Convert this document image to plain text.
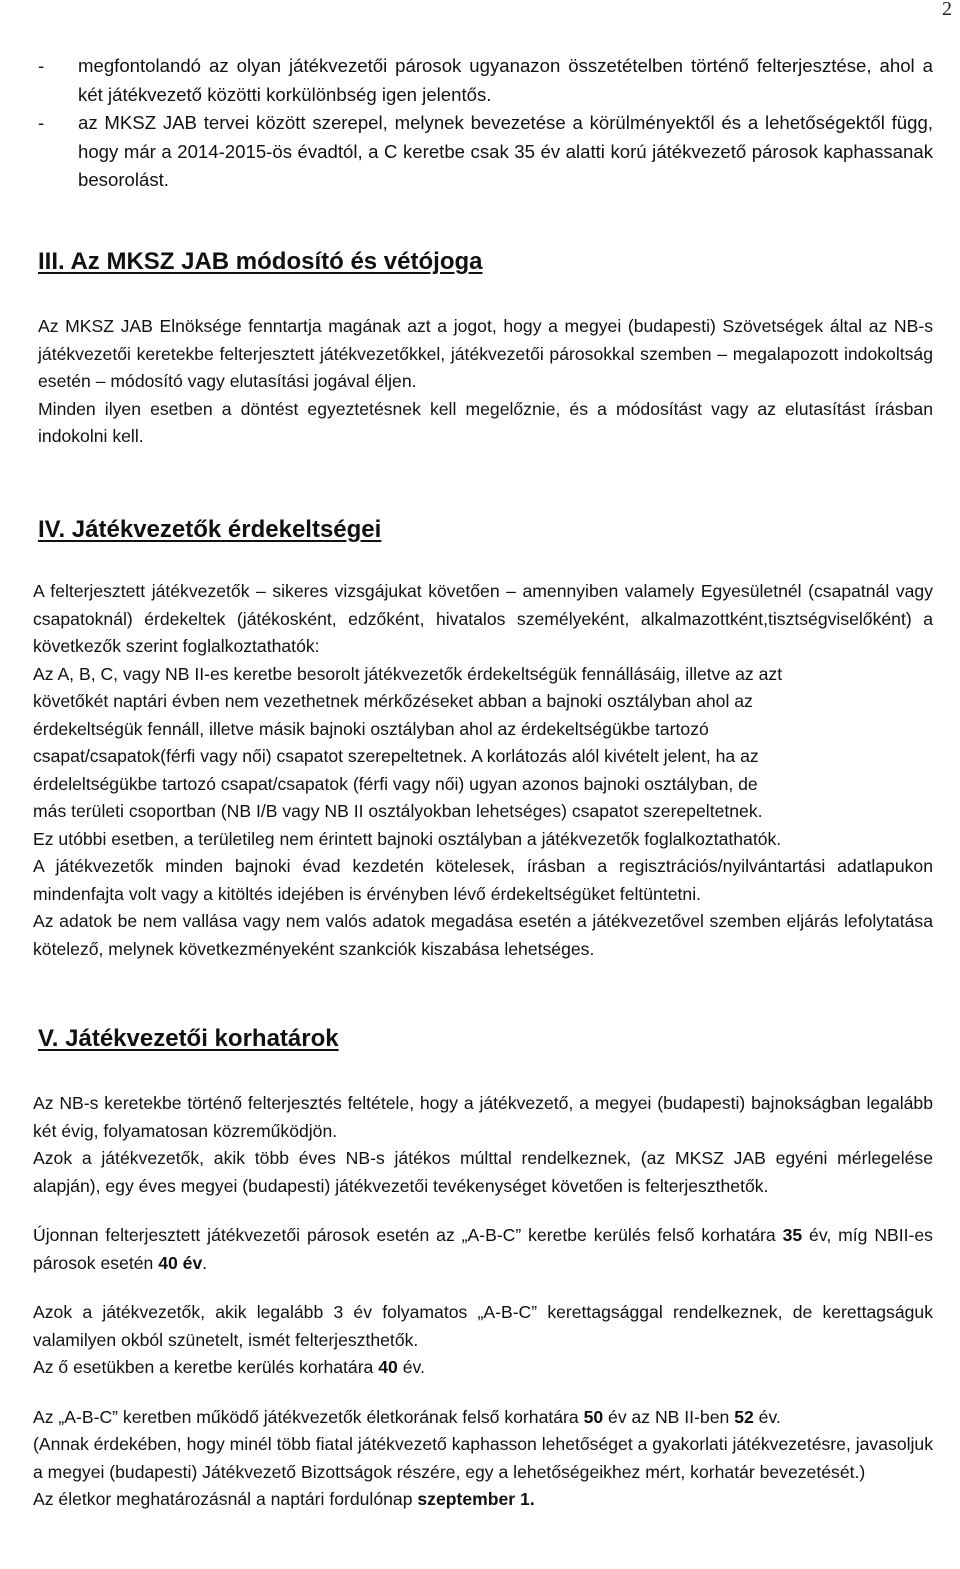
2
-	megfontolandó az olyan játékvezetői párosok ugyanazon összetételben történő felterjesztése, ahol a két játékvezető közötti korkülönbség igen jelentős.
-	az MKSZ JAB tervei között szerepel, melynek bevezetése a körülményektől és a lehetőségektől függ, hogy már a 2014-2015-ös évadtól, a C keretbe csak 35 év alatti korú játékvezető párosok kaphassanak besorolást.
III. Az MKSZ JAB módosító és vétójoga

Az MKSZ JAB Elnöksége fenntartja magának azt a jogot, hogy a megyei (budapesti) Szövetségek által az NB-s játékvezetői keretekbe felterjesztett játékvezetőkkel, játékvezetői párosokkal szemben – megalapozott indokoltság esetén – módosító vagy elutasítási jogával éljen.

Minden ilyen esetben a döntést egyeztetésnek kell megelőznie, és a módosítást vagy az elutasítást írásban indokolni kell.

IV. Játékvezetők érdekeltségei

A felterjesztett játékvezetők – sikeres vizsgájukat követően – amennyiben valamely Egyesületnél (csapatnál vagy csapatoknál) érdekeltek (játékosként, edzőként, hivatalos személyeként, alkalmazottként,tisztségviselőként) a következők szerint foglalkoztathatók:

Az A, B, C, vagy NB II-es keretbe besorolt játékvezetők érdekeltségük fennállásáig, illetve az azt

követőkét naptári évben nem vezethetnek mérkőzéseket abban a bajnoki osztályban ahol az

érdekeltségük fennáll, illetve másik bajnoki osztályban ahol az érdekeltségükbe tartozó

csapat/csapatok(férfi vagy női) csapatot szerepeltetnek. A korlátozás alól kivételt jelent, ha az

érdeleltségükbe tartozó csapat/csapatok (férfi vagy női) ugyan azonos bajnoki osztályban, de

más területi csoportban (NB I/B vagy NB II osztályokban lehetséges) csapatot szerepeltetnek.

Ez utóbbi esetben, a területileg nem érintett bajnoki osztályban a játékvezetők foglalkoztathatók.

A játékvezetők minden bajnoki évad kezdetén kötelesek, írásban a regisztrációs/nyilvántartási adatlapukon mindenfajta volt vagy a kitöltés idejében is érvényben lévő érdekeltségüket feltüntetni.

Az adatok be nem vallása vagy nem valós adatok megadása esetén a játékvezetővel szemben eljárás lefolytatása kötelező, melynek következményeként szankciók kiszabása lehetséges.

V. Játékvezetői korhatárok

Az NB-s keretekbe történő felterjesztés feltétele, hogy a játékvezető, a megyei (budapesti) bajnokságban legalább két évig, folyamatosan közreműködjön.

Azok a játékvezetők, akik több éves NB-s játékos múlttal rendelkeznek, (az MKSZ JAB egyéni mérlegelése alapján), egy éves megyei (budapesti) játékvezetői tevékenységet követően is felterjeszthetők.

Újonnan felterjesztett játékvezetői párosok esetén az „A-B-C” keretbe kerülés felső korhatára 35 év, míg NBII-es párosok esetén 40 év.

Azok a játékvezetők, akik legalább 3 év folyamatos „A-B-C” kerettagsággal rendelkeznek, de kerettagságuk valamilyen okból szünetelt, ismét felterjeszthetők.

Az ő esetükben a keretbe kerülés korhatára 40 év.

Az „A-B-C” keretben működő játékvezetők életkorának felső korhatára 50 év az NB II-ben 52 év.

(Annak érdekében, hogy minél több fiatal játékvezető kaphasson lehetőséget a gyakorlati játékvezetésre, javasoljuk a megyei (budapesti) Játékvezető Bizottságok részére, egy a lehetőségeikhez mért, korhatár bevezetését.)

Az életkor meghatározásnál a naptári fordulónap szeptember 1.
